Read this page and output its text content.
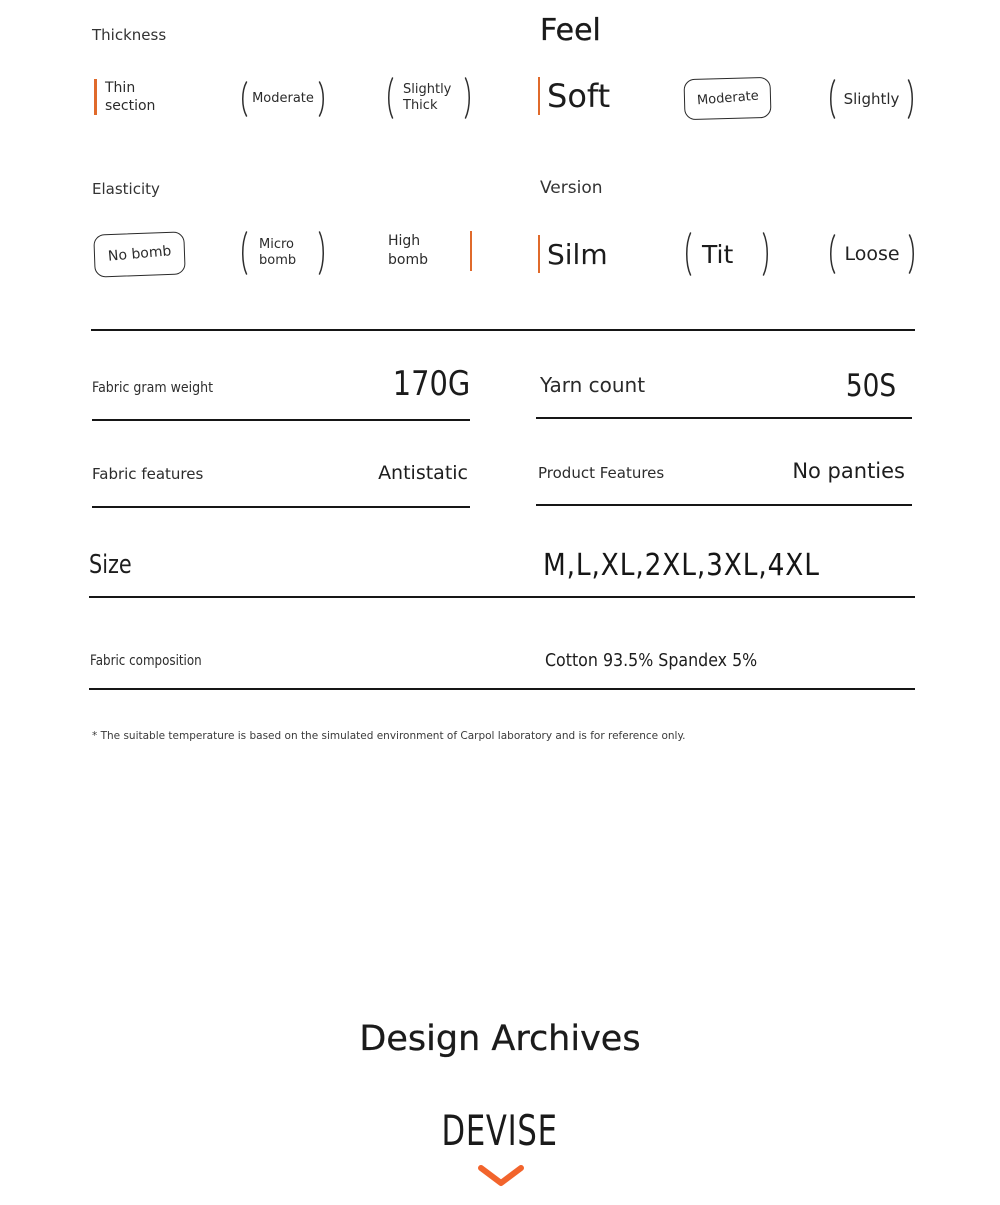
Thickness
Thin
section	Moderate
Slightly
Thick
Feel
Soft	Moderate	Slightly
Elasticity
No bomb	Micro
bomb
High
bomb
Version
Silm	Tit	Loose
Fabric gram weight	170G	Yarn count	50S
Fabric features	Antistatic	Product Features	No panties
Size	M,L,XL,2XL,3XL,4XL
Fabric composition	Cotton 93.5% Spandex 5%
* The suitable temperature is based on the simulated environment of Carpol laboratory and is for reference only.
Design Archives
DEVISE
